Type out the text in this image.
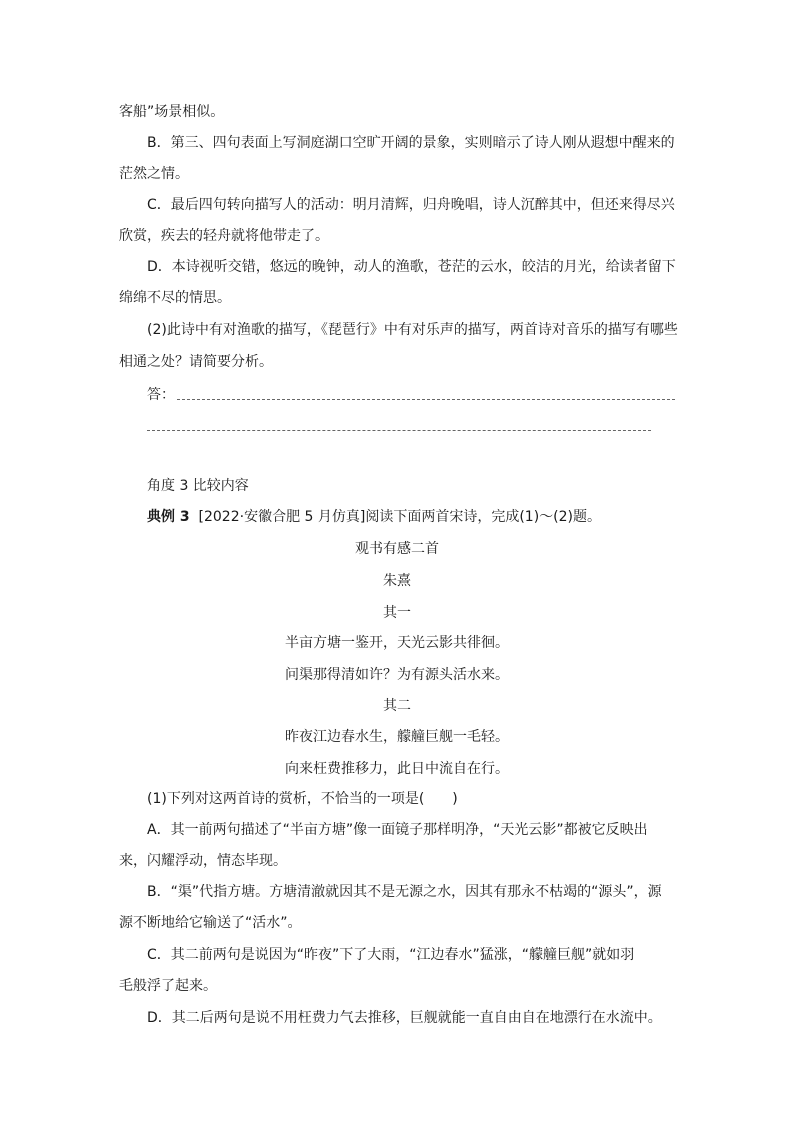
客船”场景相似。
B．第三、四句表面上写洞庭湖口空旷开阔的景象，实则暗示了诗人刚从遐想中醒来的
茫然之情。
C．最后四句转向描写人的活动：明月清辉，归舟晚唱，诗人沉醉其中，但还来得尽兴
欣赏，疾去的轻舟就将他带走了。
D．本诗视听交错，悠远的晚钟，动人的渔歌，苍茫的云水，皎洁的月光，给读者留下
绵绵不尽的情思。
(2)此诗中有对渔歌的描写，《琵琶行》中有对乐声的描写，两首诗对音乐的描写有哪些
相通之处？请简要分析。
答：
角度 3 比较内容
典例 3 [2022·安徽合肥 5 月仿真]阅读下面两首宋诗，完成(1)～(2)题。
观书有感二首
朱熹
其一
半亩方塘一鉴开，天光云影共徘徊。
问渠那得清如许？为有源头活水来。
其二
昨夜江边春水生，艨艟巨舰一毛轻。
向来枉费推移力，此日中流自在行。
(1)下列对这两首诗的赏析，不恰当的一项是(　　)
A．其一前两句描述了“半亩方塘”像一面镜子那样明净，“天光云影”都被它反映出
来，闪耀浮动，情态毕现。
B．“渠”代指方塘。方塘清澈就因其不是无源之水，因其有那永不枯竭的“源头”，源
源不断地给它输送了“活水”。
C．其二前两句是说因为“昨夜”下了大雨，“江边春水”猛涨，“艨艟巨舰”就如羽
毛般浮了起来。
D．其二后两句是说不用枉费力气去推移，巨舰就能一直自由自在地漂行在水流中。
